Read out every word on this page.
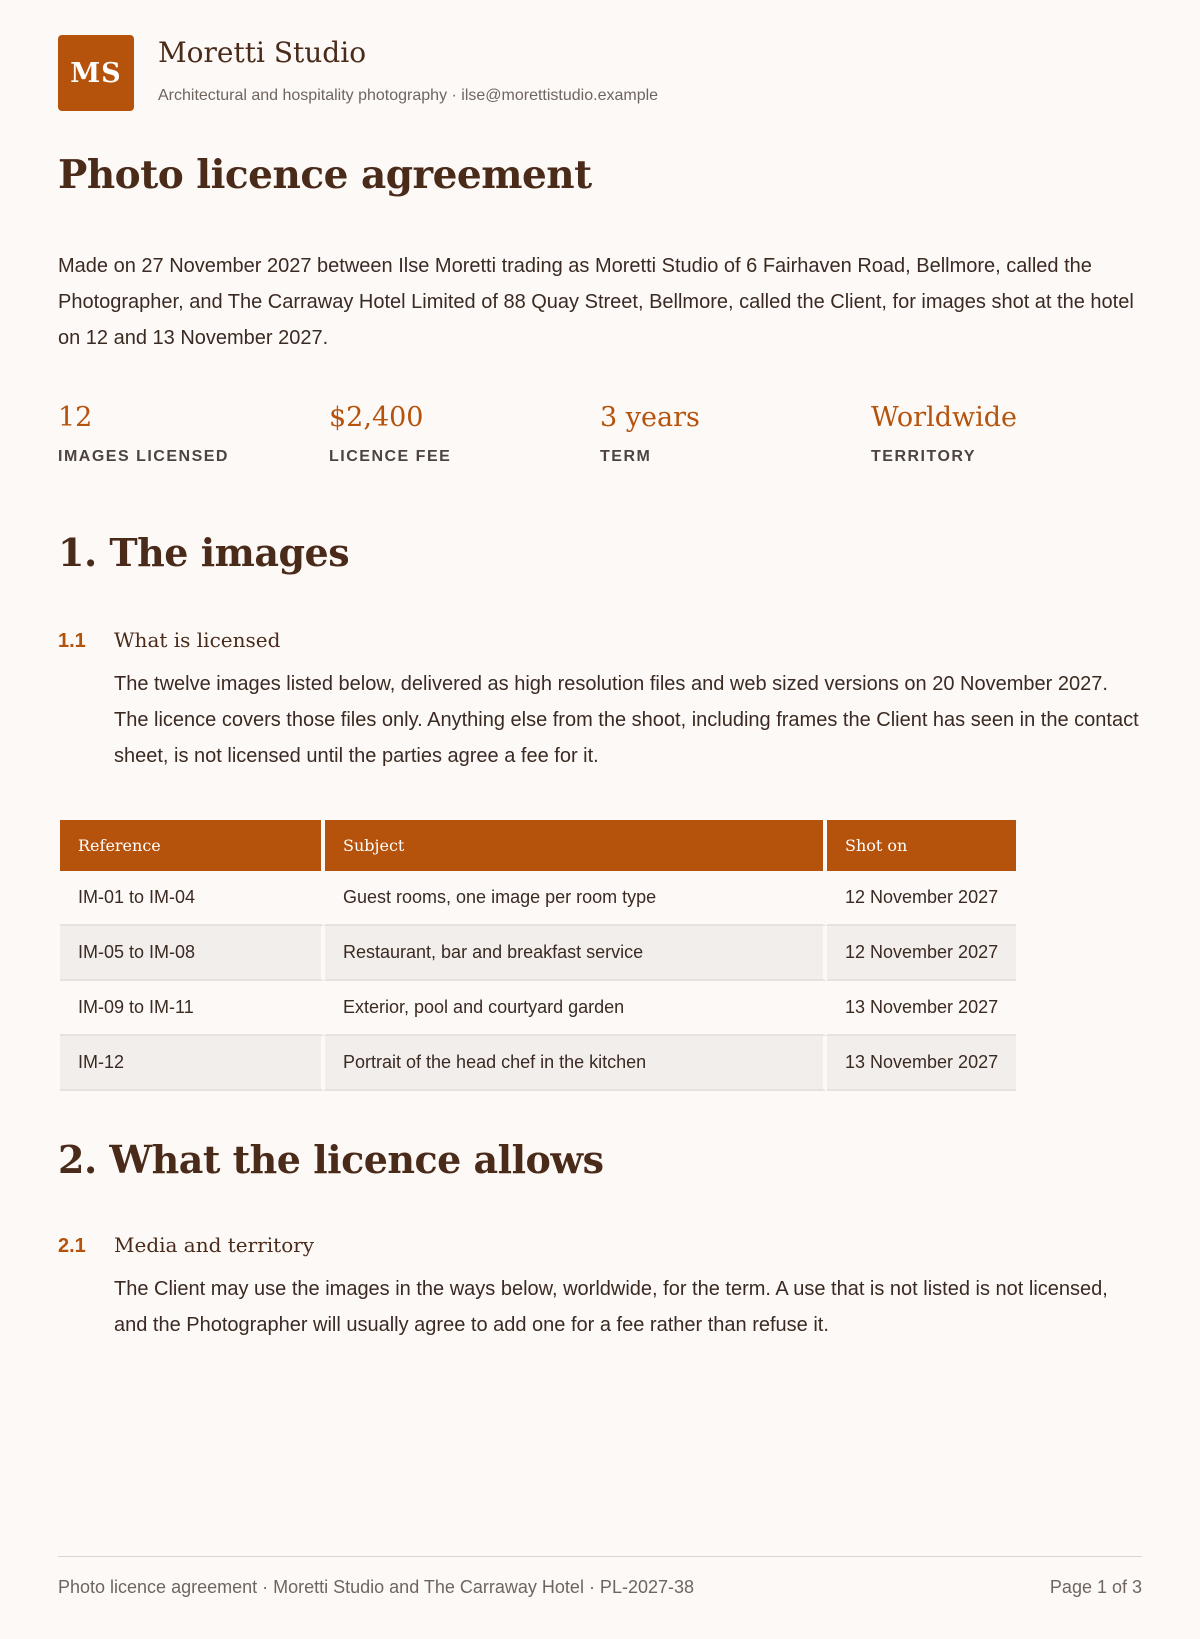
MS
Moretti Studio
Architectural and hospitality photography · ilse@morettistudio.example
Photo licence agreement

Made on 27 November 2027 between Ilse Moretti trading as Moretti Studio of 6 Fairhaven Road, Bellmore, called the Photographer, and The Carraway Hotel Limited of 88 Quay Street, Bellmore, called the Client, for images shot at the hotel on 12 and 13 November 2027.

12
IMAGES LICENSED
$2,400
LICENCE FEE
3 years
TERM
Worldwide
TERRITORY
1. The images
1.1	What is licensed

The twelve images listed below, delivered as high resolution files and web sized versions on 20 November 2027. The licence covers those files only. Anything else from the shoot, including frames the Client has seen in the contact sheet, is not licensed until the parties agree a fee for it.

Reference	Subject	Shot on
IM-01 to IM-04	Guest rooms, one image per room type	12 November 2027
IM-05 to IM-08	Restaurant, bar and breakfast service	12 November 2027
IM-09 to IM-11	Exterior, pool and courtyard garden	13 November 2027
IM-12	Portrait of the head chef in the kitchen	13 November 2027
2. What the licence allows
2.1	Media and territory

The Client may use the images in the ways below, worldwide, for the term. A use that is not listed is not licensed, and the Photographer will usually agree to add one for a fee rather than refuse it.

Photo licence agreement · Moretti Studio and The Carraway Hotel · PL-2027-38	Page 1 of 3
